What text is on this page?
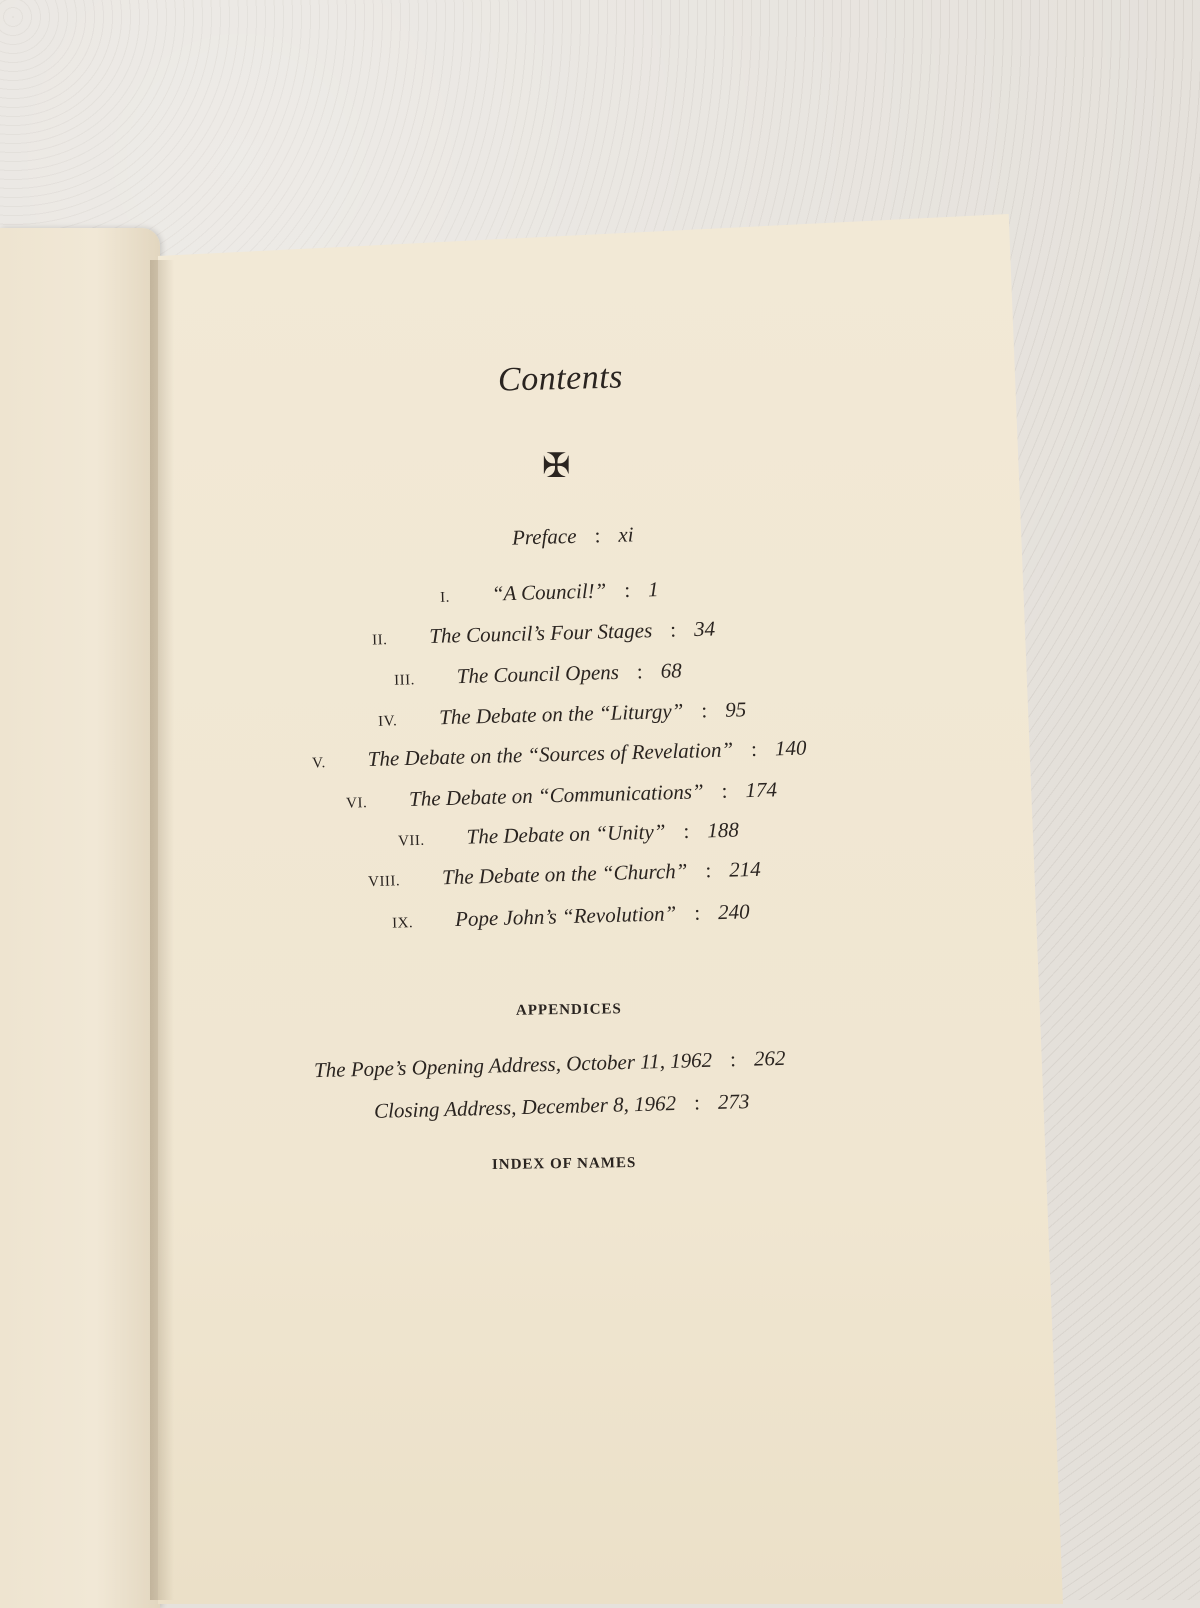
Contents
✠
Preface : xi
I. “A Council!” : 1
II. The Council’s Four Stages : 34
III. The Council Opens : 68
IV. The Debate on the “Liturgy” : 95
V. The Debate on the “Sources of Revelation” : 140
VI. The Debate on “Communications” : 174
VII. The Debate on “Unity” : 188
VIII. The Debate on the “Church” : 214
IX. Pope John’s “Revolution” : 240
APPENDICES
The Pope’s Opening Address, October 11, 1962 : 262
Closing Address, December 8, 1962 : 273
INDEX OF NAMES
